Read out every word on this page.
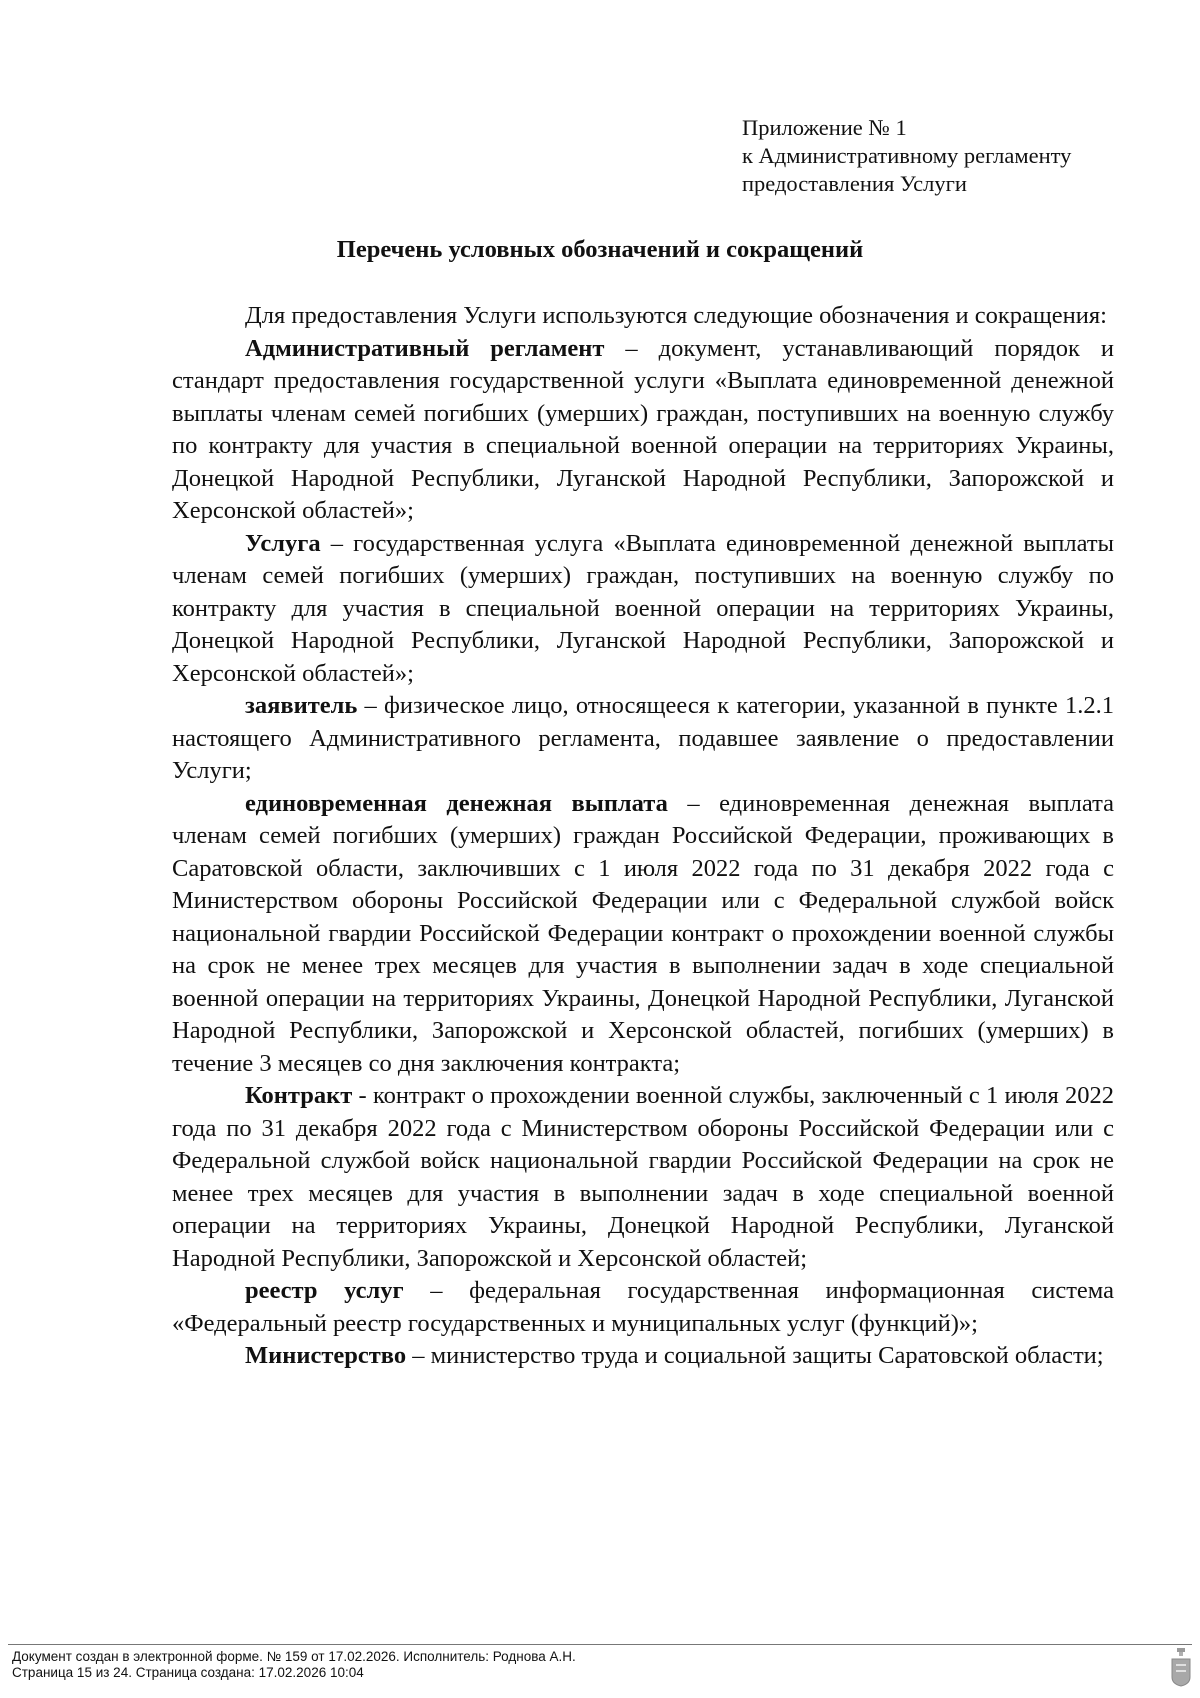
Приложение № 1
к Административному регламенту
предоставления Услуги
Перечень условных обозначений и сокращений

Для предоставления Услуги используются следующие обозначения и сокращения:

Административный регламент – документ, устанавливающий порядок и стандарт предоставления государственной услуги «Выплата единовременной денежной выплаты членам семей погибших (умерших) граждан, поступивших на военную службу по контракту для участия в специальной военной операции на территориях Украины, Донецкой Народной Республики, Луганской Народной Республики, Запорожской и Херсонской областей»;

Услуга – государственная услуга «Выплата единовременной денежной выплаты членам семей погибших (умерших) граждан, поступивших на военную службу по контракту для участия в специальной военной операции на территориях Украины, Донецкой Народной Республики, Луганской Народной Республики, Запорожской и Херсонской областей»;

заявитель – физическое лицо, относящееся к категории, указанной в пункте 1.2.1 настоящего Административного регламента, подавшее заявление о предоставлении Услуги;

единовременная денежная выплата – единовременная денежная выплата членам семей погибших (умерших) граждан Российской Федерации, проживающих в Саратовской области, заключивших с 1 июля 2022 года по 31 декабря 2022 года с Министерством обороны Российской Федерации или с Федеральной службой войск национальной гвардии Российской Федерации контракт о прохождении военной службы на срок не менее трех месяцев для участия в выполнении задач в ходе специальной военной операции на территориях Украины, Донецкой Народной Республики, Луганской Народной Республики, Запорожской и Херсонской областей, погибших (умерших) в течение 3 месяцев со дня заключения контракта;

Контракт - контракт о прохождении военной службы, заключенный с 1 июля 2022 года по 31 декабря 2022 года с Министерством обороны Российской Федерации или с Федеральной службой войск национальной гвардии Российской Федерации на срок не менее трех месяцев для участия в выполнении задач в ходе специальной военной операции на территориях Украины, Донецкой Народной Республики, Луганской Народной Республики, Запорожской и Херсонской областей;

реестр услуг – федеральная государственная информационная система «Федеральный реестр государственных и муниципальных услуг (функций)»;

Министерство – министерство труда и социальной защиты Саратовской области;

Документ создан в электронной форме. № 159 от 17.02.2026. Исполнитель: Роднова А.Н.
Страница 15 из 24. Страница создана: 17.02.2026 10:04
